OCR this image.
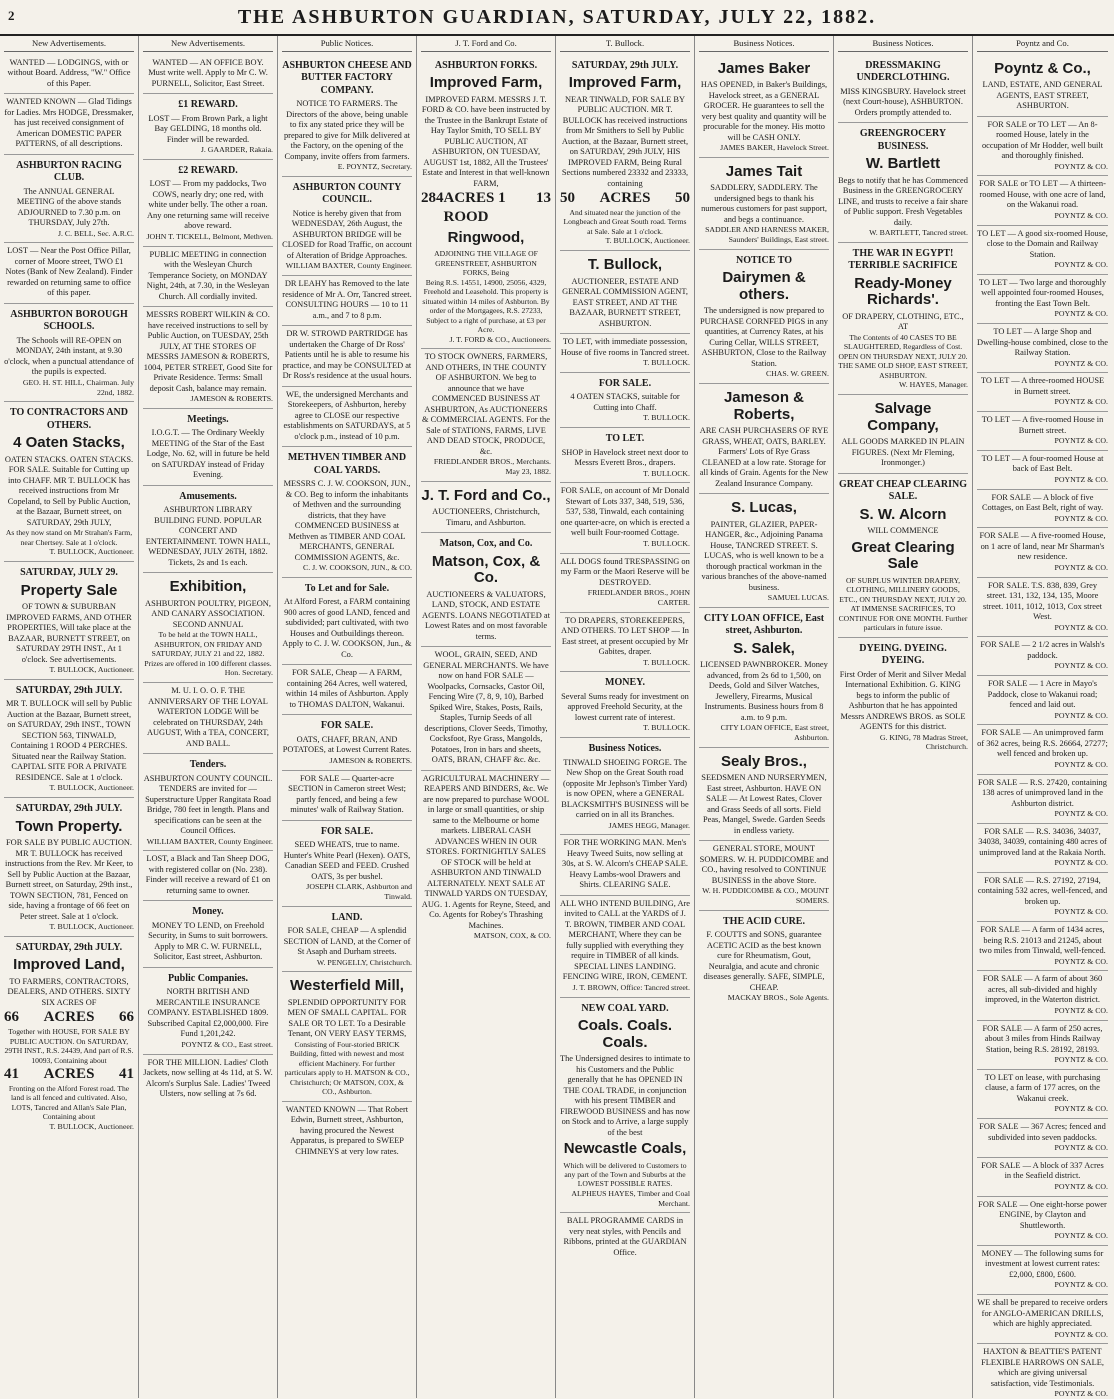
2	THE ASHBURTON GUARDIAN, SATURDAY, JULY 22, 1882.
New Advertisements.
WANTED — LODGINGS, with or without Board. Address, "W." Office of this Paper.
WANTED KNOWN — Glad Tidings for Ladies. Mrs HODGE, Dressmaker, has just received consignment of American DOMESTIC PAPER PATTERNS, of all descriptions.
ASHBURTON RACING CLUB.
The ANNUAL GENERAL MEETING of the above stands ADJOURNED to 7.30 p.m. on THURSDAY, July 27th.
J. C. BELL, Sec. A.R.C.
LOST — Near the Post Office Pillar, corner of Moore street, TWO £1 Notes (Bank of New Zealand). Finder rewarded on returning same to office of this paper.
ASHBURTON BOROUGH SCHOOLS.
The Schools will RE-OPEN on MONDAY, 24th instant, at 9.30 o'clock, when a punctual attendance of the pupils is expected.
GEO. H. ST. HILL, Chairman. July 22nd, 1882.
TO CONTRACTORS AND OTHERS.
4 Oaten Stacks,
OATEN STACKS. OATEN STACKS. FOR SALE. Suitable for Cutting up into CHAFF. MR T. BULLOCK has received instructions from Mr Copeland, to Sell by Public Auction, at the Bazaar, Burnett street, on SATURDAY, 29th JULY,
As they now stand on Mr Strahan's Farm, near Chertsey. Sale at 1 o'clock.
T. BULLOCK, Auctioneer.
SATURDAY, JULY 29.
Property Sale
OF TOWN & SUBURBAN IMPROVED FARMS, AND OTHER PROPERTIES, Will take place at the BAZAAR, BURNETT STREET, on SATURDAY 29TH INST., At 1 o'clock. See advertisements.
T. BULLOCK, Auctioneer.
SATURDAY, 29th JULY.
MR T. BULLOCK will sell by Public Auction at the Bazaar, Burnett street, on SATURDAY, 29th INST., TOWN SECTION 563, TINWALD, Containing 1 ROOD 4 PERCHES. Situated near the Railway Station. CAPITAL SITE FOR A PRIVATE RESIDENCE. Sale at 1 o'clock.
T. BULLOCK, Auctioneer.
SATURDAY, 29th JULY.
Town Property.
FOR SALE BY PUBLIC AUCTION. MR T. BULLOCK has received instructions from the Rev. Mr Keer, to Sell by Public Auction at the Bazaar, Burnett street, on Saturday, 29th inst., TOWN SECTION, 781, Fenced on side, having a frontage of 66 feet on Peter street. Sale at 1 o'clock.
T. BULLOCK, Auctioneer.
SATURDAY, 29th JULY.
Improved Land,
TO FARMERS, CONTRACTORS, DEALERS, AND OTHERS. SIXTY SIX ACRES OF
66 ACRES 66
Together with HOUSE, FOR SALE BY PUBLIC AUCTION. On SATURDAY, 29TH INST., R.S. 24439, And part of R.S. 10093, Containing about
41 ACRES 41
Fronting on the Alford Forest road. The land is all fenced and cultivated. Also, LOTS, Tancred and Allan's Sale Plan, Containing about
T. BULLOCK, Auctioneer.
New Advertisements.
WANTED — AN OFFICE BOY. Must write well. Apply to Mr C. W. PURNELL, Solicitor, East Street.
£1 REWARD.
LOST — From Brown Park, a light Bay GELDING, 18 months old. Finder will be rewarded.
J. GAARDER, Rakaia.
£2 REWARD.
LOST — From my paddocks, Two COWS, nearly dry; one red, with white under belly. The other a roan. Any one returning same will receive above reward.
JOHN T. TICKELL, Belmont, Methven.
PUBLIC MEETING in connection with the Wesleyan Church Temperance Society, on MONDAY Night, 24th, at 7.30, in the Wesleyan Church. All cordially invited.
MESSRS ROBERT WILKIN & CO. have received instructions to sell by Public Auction, on TUESDAY, 25th JULY, AT THE STORES OF MESSRS JAMESON & ROBERTS, 1004, PETER STREET, Good Site for Private Residence. Terms: Small deposit Cash, balance may remain.
JAMESON & ROBERTS.
Meetings.
I.O.G.T. — The Ordinary Weekly MEETING of the Star of the East Lodge, No. 62, will in future be held on SATURDAY instead of Friday Evening.
Amusements.
ASHBURTON LIBRARY BUILDING FUND. POPULAR CONCERT AND ENTERTAINMENT. TOWN HALL, WEDNESDAY, JULY 26TH, 1882. Tickets, 2s and 1s each.
Exhibition,
ASHBURTON POULTRY, PIGEON, AND CANARY ASSOCIATION. SECOND ANNUAL
To be held at the TOWN HALL, ASHBURTON, ON FRIDAY AND SATURDAY, JULY 21 and 22, 1882. Prizes are offered in 100 different classes.
Hon. Secretary.
M. U. I. O. O. F. THE ANNIVERSARY OF THE LOYAL WATERTON LODGE Will be celebrated on THURSDAY, 24th AUGUST, With a TEA, CONCERT, AND BALL.
Tenders.
ASHBURTON COUNTY COUNCIL. TENDERS are invited for — Superstructure Upper Rangitata Road Bridge, 780 feet in length. Plans and specifications can be seen at the Council Offices.
WILLIAM BAXTER, County Engineer.
LOST, a Black and Tan Sheep DOG, with registered collar on (No. 238). Finder will receive a reward of £1 on returning same to owner.
Money.
MONEY TO LEND, on Freehold Security, in Sums to suit borrowers. Apply to MR C. W. FURNELL, Solicitor, East street, Ashburton.
Public Companies.
NORTH BRITISH AND MERCANTILE INSURANCE COMPANY. ESTABLISHED 1809. Subscribed Capital £2,000,000. Fire Fund 1,201,242.
POYNTZ & CO., East street.
FOR THE MILLION. Ladies' Cloth Jackets, now selling at 4s 11d, at S. W. Alcorn's Surplus Sale. Ladies' Tweed Ulsters, now selling at 7s 6d.
Public Notices.
ASHBURTON CHEESE AND BUTTER FACTORY COMPANY.
NOTICE TO FARMERS. The Directors of the above, being unable to fix any stated price they will be prepared to give for Milk delivered at the Factory, on the opening of the Company, invite offers from farmers.
E. POYNTZ, Secretary.
ASHBURTON COUNTY COUNCIL.
Notice is hereby given that from WEDNESDAY, 26th August, the ASHBURTON BRIDGE will be CLOSED for Road Traffic, on account of Alteration of Bridge Approaches.
WILLIAM BAXTER, County Engineer.
DR LEAHY has Removed to the late residence of Mr A. Orr, Tancred street. CONSULTING HOURS — 10 to 11 a.m., and 7 to 8 p.m.
DR W. STROWD PARTRIDGE has undertaken the Charge of Dr Ross' Patients until he is able to resume his practice, and may be CONSULTED at Dr Ross's residence at the usual hours.
WE, the undersigned Merchants and Storekeepers, of Ashburton, hereby agree to CLOSE our respective establishments on SATURDAYS, at 5 o'clock p.m., instead of 10 p.m.
METHVEN TIMBER AND COAL YARDS.
MESSRS C. J. W. COOKSON, JUN., & CO. Beg to inform the inhabitants of Methven and the surrounding districts, that they have COMMENCED BUSINESS at Methven as TIMBER AND COAL MERCHANTS, GENERAL COMMISSION AGENTS, &c.
C. J. W. COOKSON, JUN., & CO.
To Let and for Sale.
At Alford Forest, a FARM containing 900 acres of good LAND, fenced and subdivided; part cultivated, with two Houses and Outbuildings thereon. Apply to C. J. W. COOKSON, Jun., & Co.
FOR SALE, Cheap — A FARM, containing 264 Acres, well watered, within 14 miles of Ashburton. Apply to THOMAS DALTON, Wakanui.
FOR SALE.
OATS, CHAFF, BRAN, AND POTATOES, at Lowest Current Rates.
JAMESON & ROBERTS.
FOR SALE — Quarter-acre SECTION in Cameron street West; partly fenced, and being a few minutes' walk of Railway Station.
FOR SALE.
SEED WHEATS, true to name. Hunter's White Pearl (Hexen). OATS, Canadian SEED and FEED. Crushed OATS, 3s per bushel.
JOSEPH CLARK, Ashburton and Tinwald.
LAND.
FOR SALE, CHEAP — A splendid SECTION of LAND, at the Corner of St Asaph and Durham streets.
W. PENGELLY, Christchurch.
Westerfield Mill,
SPLENDID OPPORTUNITY FOR MEN OF SMALL CAPITAL. FOR SALE OR TO LET. To a Desirable Tenant, ON VERY EASY TERMS,
Consisting of Four-storied BRICK Building, fitted with newest and most efficient Machinery. For further particulars apply to H. MATSON & CO., Christchurch; Or MATSON, COX, & CO., Ashburton.
WANTED KNOWN — That Robert Edwin, Burnett street, Ashburton, having procured the Newest Apparatus, is prepared to SWEEP CHIMNEYS at very low rates.
J. T. Ford and Co.
ASHBURTON FORKS.
Improved Farm,
IMPROVED FARM. MESSRS J. T. FORD & CO. have been instructed by the Trustee in the Bankrupt Estate of Hay Taylor Smith, TO SELL BY PUBLIC AUCTION, AT ASHBURTON, ON TUESDAY, AUGUST 1st, 1882, All the Trustees' Estate and Interest in that well-known FARM,
284 ACRES 1 ROOD
13
Ringwood,
ADJOINING THE VILLAGE OF GREENSTREET, ASHBURTON FORKS, Being
Being R.S. 14551, 14900, 25056, 4329, Freehold and Leasehold. This property is situated within 14 miles of Ashburton. By order of the Mortgagees, R.S. 27233, Subject to a right of purchase, at £3 per Acre.
J. T. FORD & CO., Auctioneers.
TO STOCK OWNERS, FARMERS, AND OTHERS, IN THE COUNTY OF ASHBURTON. We beg to announce that we have COMMENCED BUSINESS AT ASHBURTON, As AUCTIONEERS & COMMERCIAL AGENTS. For the Sale of STATIONS, FARMS, LIVE AND DEAD STOCK, PRODUCE, &c.
FRIEDLANDER BROS., Merchants. May 23, 1882.
J. T. Ford and Co.,
AUCTIONEERS, Christchurch, Timaru, and Ashburton.
Matson, Cox, and Co.
Matson, Cox, & Co.
AUCTIONEERS & VALUATORS, LAND, STOCK, AND ESTATE AGENTS. LOANS NEGOTIATED at Lowest Rates and on most favorable terms.
WOOL, GRAIN, SEED, AND GENERAL MERCHANTS. We have now on hand FOR SALE — Woolpacks, Cornsacks, Castor Oil, Fencing Wire (7, 8, 9, 10), Barbed Spiked Wire, Stakes, Posts, Rails, Staples, Turnip Seeds of all descriptions, Clover Seeds, Timothy, Cocksfoot, Rye Grass, Mangolds, Potatoes, Iron in bars and sheets, OATS, BRAN, CHAFF &c. &c.
AGRICULTURAL MACHINERY — REAPERS AND BINDERS, &c. We are now prepared to purchase WOOL in large or small quantities, or ship same to the Melbourne or home markets. LIBERAL CASH ADVANCES WHEN IN OUR STORES. FORTNIGHTLY SALES OF STOCK will be held at ASHBURTON AND TINWALD ALTERNATELY. NEXT SALE AT TINWALD YARDS ON TUESDAY, AUG. 1. Agents for Reyne, Steed, and Co. Agents for Robey's Thrashing Machines.
MATSON, COX, & CO.
T. Bullock.
SATURDAY, 29th JULY.
Improved Farm,
NEAR TINWALD, FOR SALE BY PUBLIC AUCTION. MR T. BULLOCK has received instructions from Mr Smithers to Sell by Public Auction, at the Bazaar, Burnett street, on SATURDAY, 29th JULY, HIS IMPROVED FARM, Being Rural Sections numbered 23332 and 23333, containing
50 ACRES 50
And situated near the junction of the Longbeach and Great South road. Terms at Sale. Sale at 1 o'clock.
T. BULLOCK, Auctioneer.
T. Bullock,
AUCTIONEER, ESTATE AND GENERAL COMMISSION AGENT, EAST STREET, AND AT THE BAZAAR, BURNETT STREET, ASHBURTON.
TO LET, with immediate possession, House of five rooms in Tancred street.
T. BULLOCK.
FOR SALE.
4 OATEN STACKS, suitable for Cutting into Chaff.
T. BULLOCK.
TO LET.
SHOP in Havelock street next door to Messrs Everett Bros., drapers.
T. BULLOCK.
FOR SALE, on account of Mr Donald Stewart of Lots 337, 348, 519, 536, 537, 538, Tinwald, each containing one quarter-acre, on which is erected a well built Four-roomed Cottage.
T. BULLOCK.
ALL DOGS found TRESPASSING on my Farm or the Maori Reserve will be DESTROYED.
FRIEDLANDER BROS., JOHN CARTER.
TO DRAPERS, STOREKEEPERS, AND OTHERS. TO LET SHOP — In East street, at present occupied by Mr Gabites, draper.
T. BULLOCK.
MONEY.
Several Sums ready for investment on approved Freehold Security, at the lowest current rate of interest.
T. BULLOCK.
Business Notices.
TINWALD SHOEING FORGE. The New Shop on the Great South road (opposite Mr Jephson's Timber Yard) is now OPEN, where a GENERAL BLACKSMITH'S BUSINESS will be carried on in all its Branches.
JAMES HEGG, Manager.
FOR THE WORKING MAN. Men's Heavy Tweed Suits, now selling at 30s, at S. W. Alcorn's CHEAP SALE. Heavy Lambs-wool Drawers and Shirts. CLEARING SALE.
ALL WHO INTEND BUILDING, Are invited to CALL at the YARDS of J. T. BROWN, TIMBER AND COAL MERCHANT, Where they can be fully supplied with everything they require in TIMBER of all kinds. SPECIAL LINES LANDING. FENCING WIRE, IRON, CEMENT.
J. T. BROWN, Office: Tancred street.
NEW COAL YARD.
Coals. Coals. Coals.
The Undersigned desires to intimate to his Customers and the Public generally that he has OPENED IN THE COAL TRADE, in conjunction with his present TIMBER and FIREWOOD BUSINESS and has now on Stock and to Arrive, a large supply of the best
Newcastle Coals,
Which will be delivered to Customers to any part of the Town and Suburbs at the LOWEST POSSIBLE RATES.
ALPHEUS HAYES, Timber and Coal Merchant.
BALL PROGRAMME CARDS in very neat styles, with Pencils and Ribbons, printed at the GUARDIAN Office.
Business Notices.
James Baker
HAS OPENED, in Baker's Buildings, Havelock street, as a GENERAL GROCER. He guarantees to sell the very best quality and quantity will be procurable for the money. His motto will be CASH ONLY.
JAMES BAKER, Havelock Street.
James Tait
SADDLERY, SADDLERY. The undersigned begs to thank his numerous customers for past support, and begs a continuance.
SADDLER AND HARNESS MAKER, Saunders' Buildings, East street.
NOTICE TO
Dairymen & others.
The undersigned is now prepared to PURCHASE CORNFED PIGS in any quantities, at Currency Rates, at his Curing Cellar, WILLS STREET, ASHBURTON, Close to the Railway Station.
CHAS. W. GREEN.
Jameson & Roberts,
ARE CASH PURCHASERS OF RYE GRASS, WHEAT, OATS, BARLEY. Farmers' Lots of Rye Grass CLEANED at a low rate. Storage for all kinds of Grain. Agents for the New Zealand Insurance Company.
S. Lucas,
PAINTER, GLAZIER, PAPER-HANGER, &c., Adjoining Panama House, TANCRED STREET. S. LUCAS, who is well known to be a thorough practical workman in the various branches of the above-named business.
SAMUEL LUCAS.
CITY LOAN OFFICE, East street, Ashburton.
S. Salek,
LICENSED PAWNBROKER. Money advanced, from 2s 6d to 1,500, on Deeds, Gold and Silver Watches, Jewellery, Firearms, Musical Instruments. Business hours from 8 a.m. to 9 p.m.
CITY LOAN OFFICE, East street, Ashburton.
Sealy Bros.,
SEEDSMEN AND NURSERYMEN, East street, Ashburton. HAVE ON SALE — At Lowest Rates, Clover and Grass Seeds of all sorts. Field Peas, Mangel, Swede. Garden Seeds in endless variety.
GENERAL STORE, MOUNT SOMERS. W. H. PUDDICOMBE and CO., having resolved to CONTINUE BUSINESS in the above Store.
W. H. PUDDICOMBE & CO., MOUNT SOMERS.
THE ACID CURE.
F. COUTTS and SONS, guarantee ACETIC ACID as the best known cure for Rheumatism, Gout, Neuralgia, and acute and chronic diseases generally. SAFE, SIMPLE, CHEAP.
MACKAY BROS., Sole Agents.
Business Notices.
DRESSMAKING UNDERCLOTHING.
MISS KINGSBURY. Havelock street (next Court-house), ASHBURTON. Orders promptly attended to.
GREENGROCERY BUSINESS.
W. Bartlett
Begs to notify that he has Commenced Business in the GREENGROCERY LINE, and trusts to receive a fair share of Public support. Fresh Vegetables daily.
W. BARTLETT, Tancred street.
THE WAR IN EGYPT! TERRIBLE SACRIFICE
Ready-Money Richards'.
OF DRAPERY, CLOTHING, ETC., AT
The Contents of 40 CASES TO BE SLAUGHTERED, Regardless of Cost. OPEN ON THURSDAY NEXT, JULY 20. THE SAME OLD SHOP, EAST STREET, ASHBURTON.
W. HAYES, Manager.
Salvage Company,
ALL GOODS MARKED IN PLAIN FIGURES. (Next Mr Fleming, Ironmonger.)
GREAT CHEAP CLEARING SALE.
S. W. Alcorn
WILL COMMENCE
Great Clearing Sale
OF SURPLUS WINTER DRAPERY, CLOTHING, MILLINERY GOODS, ETC., ON THURSDAY NEXT, JULY 20. AT IMMENSE SACRIFICES, TO CONTINUE FOR ONE MONTH. Further particulars in future issue.
DYEING. DYEING. DYEING.
First Order of Merit and Silver Medal International Exhibition. G. KING begs to inform the public of Ashburton that he has appointed Messrs ANDREWS BROS. as SOLE AGENTS for this district.
G. KING, 78 Madras Street, Christchurch.
Poyntz and Co.
Poyntz & Co.,
LAND, ESTATE, AND GENERAL AGENTS, EAST STREET, ASHBURTON.
FOR SALE or TO LET — An 8-roomed House, lately in the occupation of Mr Hodder, well built and thoroughly finished.
POYNTZ & CO.
FOR SALE or TO LET — A thirteen-roomed House, with one acre of land, on the Wakanui road.
POYNTZ & CO.
TO LET — A good six-roomed House, close to the Domain and Railway Station.
POYNTZ & CO.
TO LET — Two large and thoroughly well appointed four-roomed Houses, fronting the East Town Belt.
POYNTZ & CO.
TO LET — A large Shop and Dwelling-house combined, close to the Railway Station.
POYNTZ & CO.
TO LET — A three-roomed HOUSE in Burnett street.
POYNTZ & CO.
TO LET — A five-roomed House in Burnett street.
POYNTZ & CO.
TO LET — A four-roomed House at back of East Belt.
POYNTZ & CO.
FOR SALE — A block of five Cottages, on East Belt, right of way.
POYNTZ & CO.
FOR SALE — A five-roomed House, on 1 acre of land, near Mr Sharman's new residence.
POYNTZ & CO.
FOR SALE. T.S. 838, 839, Grey street. 131, 132, 134, 135, Moore street. 1011, 1012, 1013, Cox street West.
POYNTZ & CO.
FOR SALE — 2 1/2 acres in Walsh's paddock.
POYNTZ & CO.
FOR SALE — 1 Acre in Mayo's Paddock, close to Wakanui road; fenced and laid out.
POYNTZ & CO.
FOR SALE — An unimproved farm of 362 acres, being R.S. 26664, 27277; well fenced and broken up.
POYNTZ & CO.
FOR SALE — R.S. 27420, containing 138 acres of unimproved land in the Ashburton district.
POYNTZ & CO.
FOR SALE — R.S. 34036, 34037, 34038, 34039, containing 480 acres of unimproved land at the Rakaia North.
POYNTZ & CO.
FOR SALE — R.S. 27192, 27194, containing 532 acres, well-fenced, and broken up.
POYNTZ & CO.
FOR SALE — A farm of 1434 acres, being R.S. 21013 and 21245, about two miles from Tinwald, well-fenced.
POYNTZ & CO.
FOR SALE — A farm of about 360 acres, all sub-divided and highly improved, in the Waterton district.
POYNTZ & CO.
FOR SALE — A farm of 250 acres, about 3 miles from Hinds Railway Station, being R.S. 28192, 28193.
POYNTZ & CO.
TO LET on lease, with purchasing clause, a farm of 177 acres, on the Wakanui creek.
POYNTZ & CO.
FOR SALE — 367 Acres; fenced and subdivided into seven paddocks.
POYNTZ & CO.
FOR SALE — A block of 337 Acres in the Seafield district.
POYNTZ & CO.
FOR SALE — One eight-horse power ENGINE, by Clayton and Shuttleworth.
POYNTZ & CO.
MONEY — The following sums for investment at lowest current rates: £2,000, £800, £600.
POYNTZ & CO.
WE shall be prepared to receive orders for ANGLO-AMERICAN DRILLS, which are highly appreciated.
POYNTZ & CO.
HAXTON & BEATTIE'S PATENT FLEXIBLE HARROWS ON SALE, which are giving universal satisfaction, vide Testimonials.
POYNTZ & CO.
